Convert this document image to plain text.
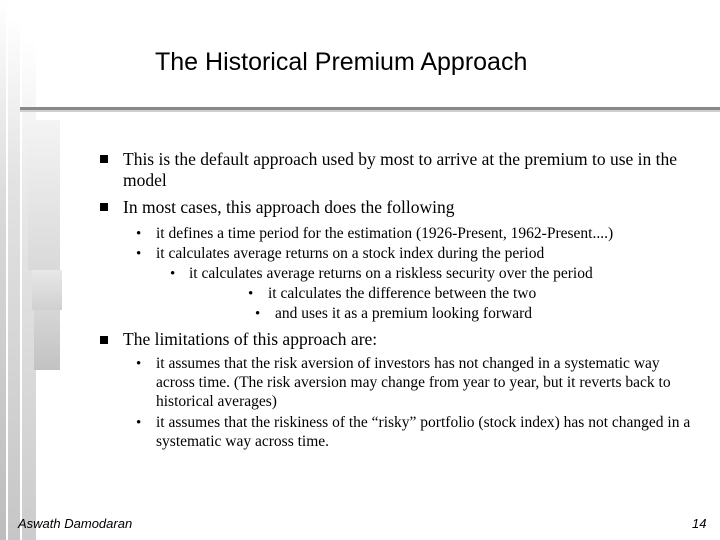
The Historical Premium Approach
This is the default approach used by most to arrive at the premium to use in the model
In most cases, this approach does the following
• it defines a time period for the estimation (1926-Present, 1962-Present....)
• it calculates average returns on a stock index during the period
• it calculates average returns on a riskless security over the period
• it calculates the difference between the two
• and uses it as a premium looking forward
The limitations of this approach are:
• it assumes that the risk aversion of investors has not changed in a systematic way across time. (The risk aversion may change from year to year, but it reverts back to historical averages)
• it assumes that the riskiness of the “risky” portfolio (stock index) has not changed in a systematic way across time.
Aswath Damodaran	14
